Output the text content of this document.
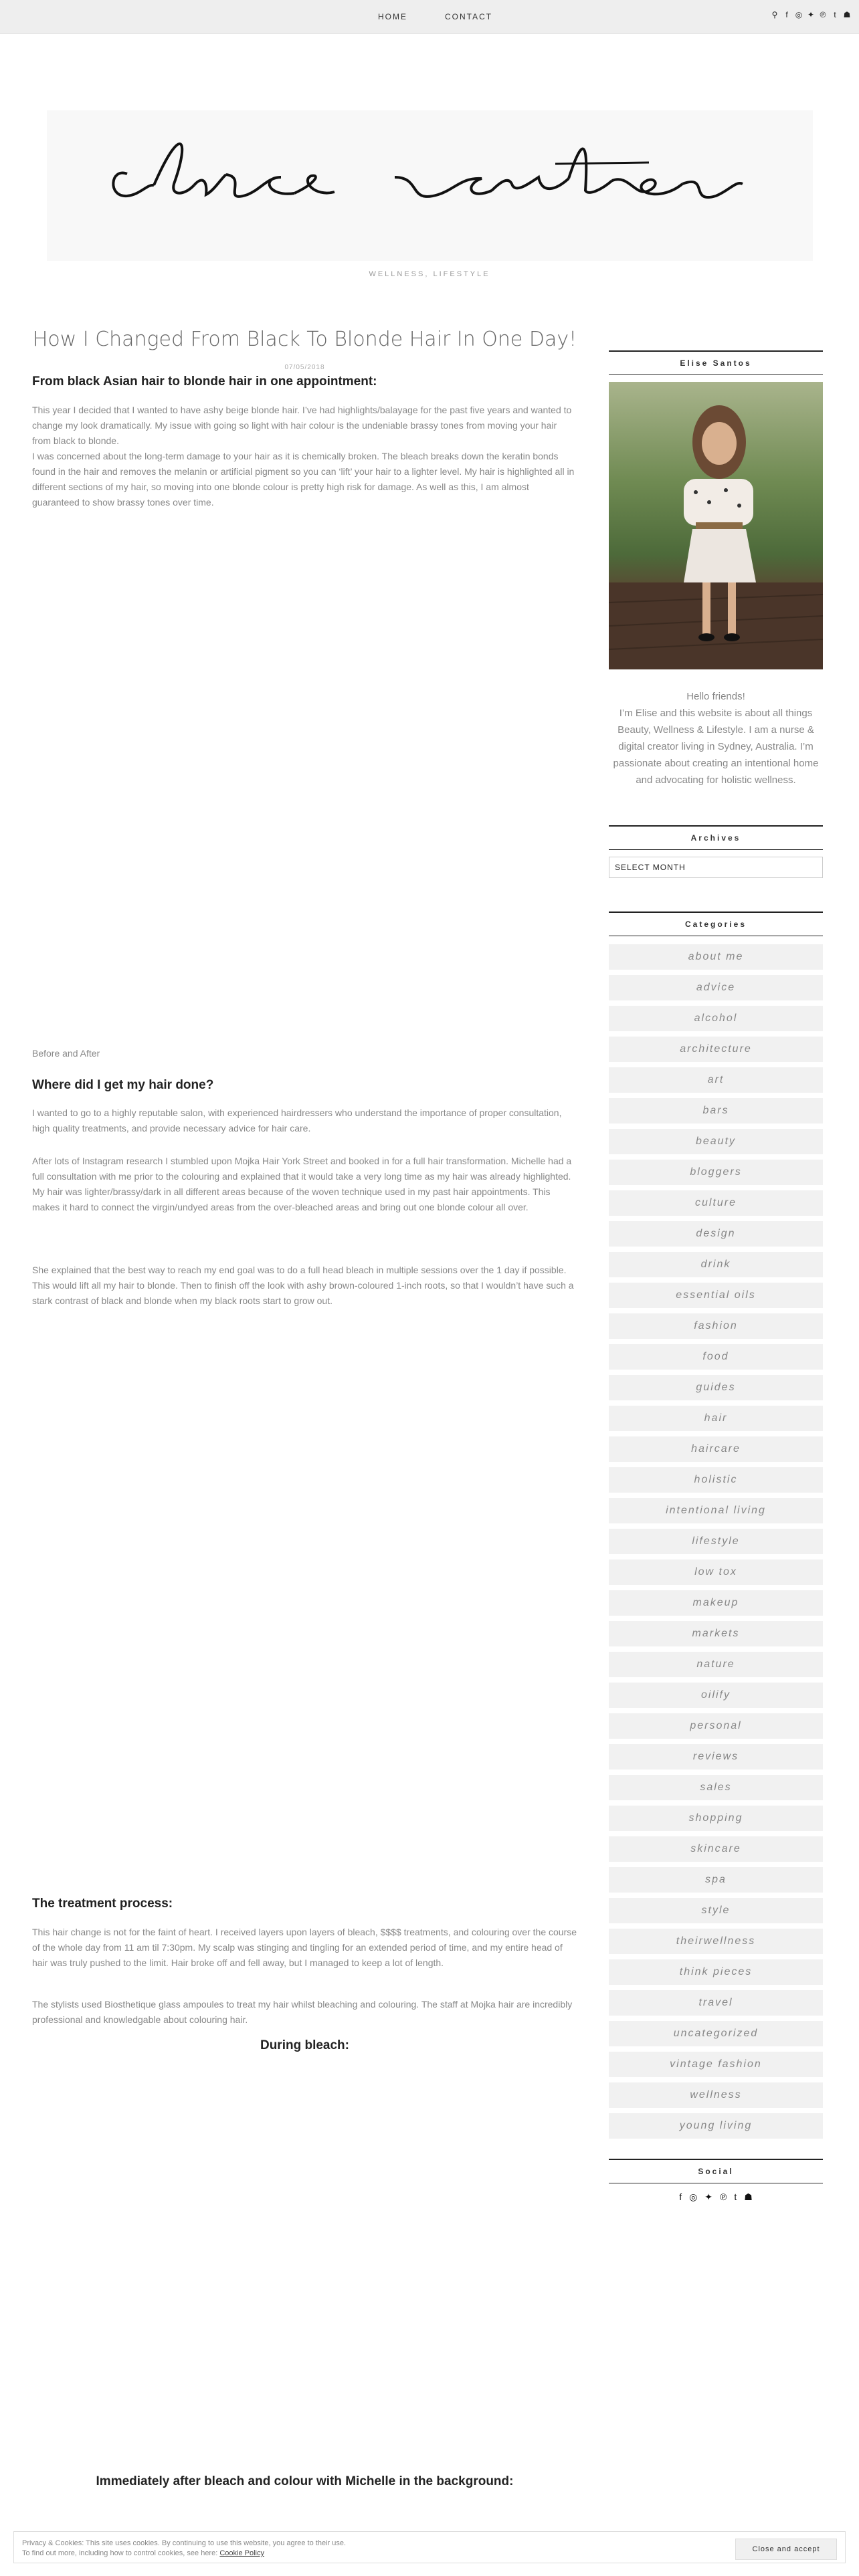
HOME	CONTACT	⚲ f ◎ ✦ ℗ t ☗
WELLNESS, LIFESTYLE
How I Changed From Black To Blonde Hair In One Day!
07/05/2018
From black Asian hair to blonde hair in one appointment:

This year I decided that I wanted to have ashy beige blonde hair. I’ve had highlights/balayage for the past five years and wanted to change my look dramatically. My issue with going so light with hair colour is the undeniable brassy tones from moving your hair from black to blonde.

I was concerned about the long-term damage to your hair as it is chemically broken. The bleach breaks down the keratin bonds found in the hair and removes the melanin or artificial pigment so you can ‘lift’ your hair to a lighter level. My hair is highlighted all in different sections of my hair, so moving into one blonde colour is pretty high risk for damage. As well as this, I am almost guaranteed to show brassy tones over time.

Before and After
Where did I get my hair done?

I wanted to go to a highly reputable salon, with experienced hairdressers who understand the importance of proper consultation, high quality treatments, and provide necessary advice for hair care.

After lots of Instagram research I stumbled upon Mojka Hair York Street and booked in for a full hair transformation. Michelle had a full consultation with me prior to the colouring and explained that it would take a very long time as my hair was already highlighted. My hair was lighter/brassy/dark in all different areas because of the woven technique used in my past hair appointments. This makes it hard to connect the virgin/undyed areas from the over-bleached areas and bring out one blonde colour all over.

She explained that the best way to reach my end goal was to do a full head bleach in multiple sessions over the 1 day if possible. This would lift all my hair to blonde. Then to finish off the look with ashy brown-coloured 1-inch roots, so that I wouldn’t have such a stark contrast of black and blonde when my black roots start to grow out.

The treatment process:

This hair change is not for the faint of heart. I received layers upon layers of bleach, $$$$ treatments, and colouring over the course of the whole day from 11 am til 7:30pm. My scalp was stinging and tingling for an extended period of time, and my entire head of hair was truly pushed to the limit. Hair broke off and fell away, but I managed to keep a lot of length.

The stylists used Biosthetique glass ampoules to treat my hair whilst bleaching and colouring. The staff at Mojka hair are incredibly professional and knowledgable about colouring hair.

During bleach:
Immediately after bleach and colour with Michelle in the background:
Elise Santos
Hello friends!
I’m Elise and this website is about all things Beauty, Wellness & Lifestyle. I am a nurse & digital creator living in Sydney, Australia. I’m passionate about creating an intentional home and advocating for holistic wellness.
Archives
SELECT MONTH
Categories
about me
advice
alcohol
architecture
art
bars
beauty
bloggers
culture
design
drink
essential oils
fashion
food
guides
hair
haircare
holistic
intentional living
lifestyle
low tox
makeup
markets
nature
oilify
personal
reviews
sales
shopping
skincare
spa
style
theirwellness
think pieces
travel
uncategorized
vintage fashion
wellness
young living
Social
f ◎ ✦ ℗ t ☗
Privacy & Cookies: This site uses cookies. By continuing to use this website, you agree to their use.
To find out more, including how to control cookies, see here: Cookie Policy	Close and accept
